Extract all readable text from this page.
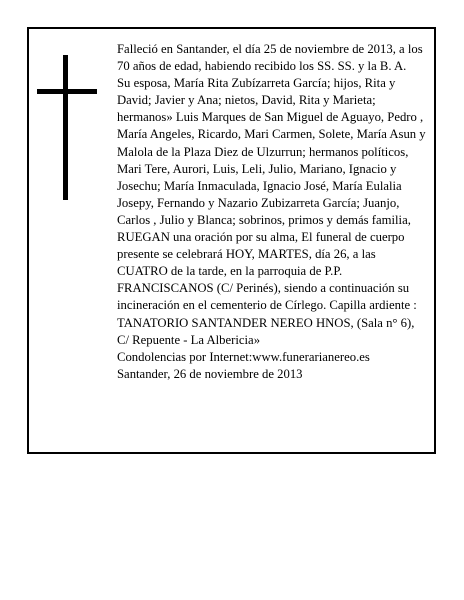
Falleció en Santander, el día 25 de noviembre de 2013, a los 70 años de edad, habiendo recibido los SS. SS. y la B. A.

Su esposa, María Rita Zubízarreta García; hijos, Rita y David; Javier y Ana; nietos, David, Rita y Marieta; hermanos» Luis Marques de San Miguel de Aguayo, Pedro , María Angeles, Ricardo, Mari Carmen, Solete, María Asun y Malola de la Plaza Diez de Ulzurrun; hermanos políticos, Mari Tere, Aurori, Luis, Leli, Julio, Mariano, Ignacio y Josechu; María Inmaculada, Ignacio José, María Eulalia Josepy, Fernando y Nazario Zubizarreta García; Juanjo, Carlos , Julio y Blanca; sobrinos, primos y demás familia,

RUEGAN una oración por su alma, El funeral de cuerpo presente se celebrará HOY, MARTES, día 26, a las CUATRO de la tarde, en la parroquia de P.P. FRANCISCANOS (C/ Perinés), siendo a continuación su incineración en el cementerio de Círlego. Capilla ardiente : TANATORIO SANTANDER NEREO HNOS, (Sala n° 6), C/ Repuente - La Albericia»

Condolencias por Internet:www.funerarianereo.es

Santander, 26 de noviembre de 2013
